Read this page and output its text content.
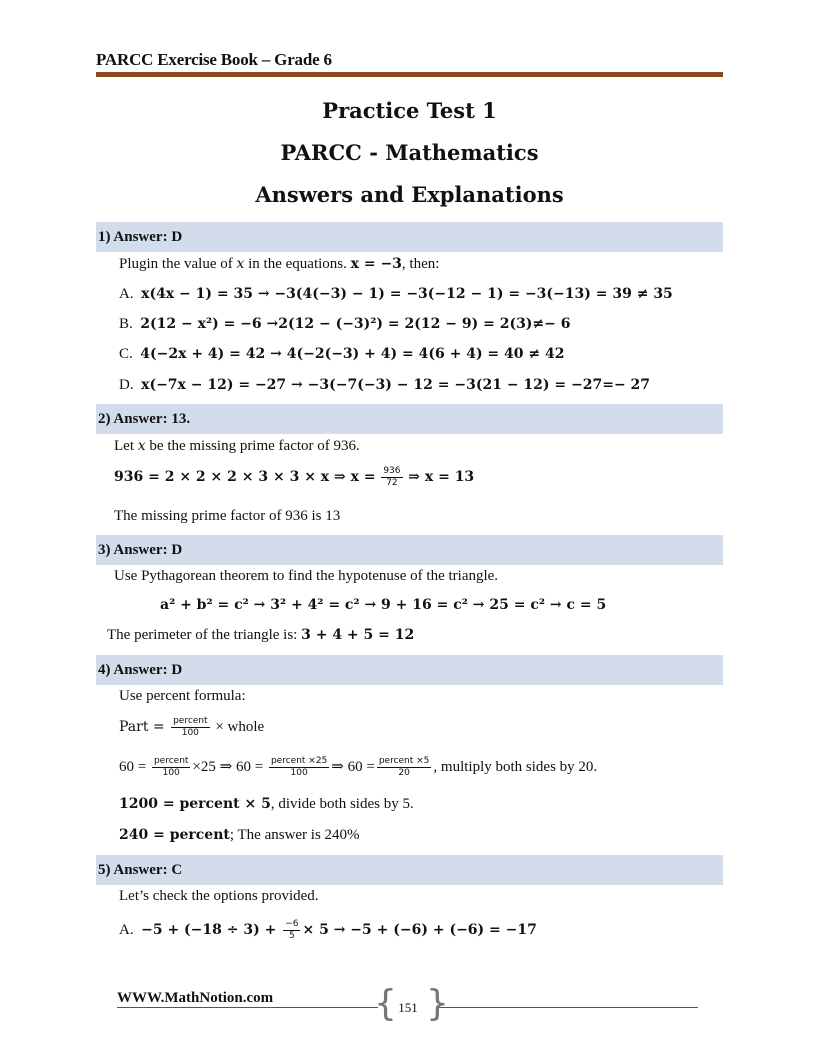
PARCC Exercise Book – Grade 6
Practice Test 1
PARCC - Mathematics
Answers and Explanations
1) Answer: D
Plugin the value of x in the equations. x = −3, then:
A. x(4x − 1) = 35 → −3(4(−3) − 1) = −3(−12 − 1) = −3(−13) = 39 ≠ 35
B. 2(12 − x²) = −6 →2(12 − (−3)²) = 2(12 − 9) = 2(3)≠− 6
C. 4(−2x + 4) = 42 → 4(−2(−3) + 4) = 4(6 + 4) = 40 ≠ 42
D. x(−7x − 12) = −27 → −3(−7(−3) − 12 = −3(21 − 12) = −27=− 27
2) Answer: 13.
Let x be the missing prime factor of 936.
936 = 2 × 2 × 2 × 3 × 3 × x ⇒ $x = \frac{936}{72}$ ⇒ x = 13
The missing prime factor of 936 is 13
3) Answer: D
Use Pythagorean theorem to find the hypotenuse of the triangle.
a² + b² = c² → 3² + 4² = c² → 9 + 16 = c² → 25 = c² → c = 5
The perimeter of the triangle is: 3 + 4 + 5 = 12
4) Answer: D
Use percent formula:
Part = $\frac{\text{percent}}{100}$ × whole
$60 = \frac{\text{percent}}{100} \times 25$ ⇒ $60 = \frac{\text{percent ×25}}{100}$ ⇒ $60 = \frac{\text{percent ×5}}{20}$ , multiply both sides by 20.
1200 = percent × 5, divide both sides by 5.
240 = percent; The answer is 240%
5) Answer: C
Let’s check the options provided.
A. $-5 + (-18 \div 3) + \frac{-6}{5} \times 5 \to -5 + (-6) + (-6) = -17$
WWW.MathNotion.com	{ }
151
